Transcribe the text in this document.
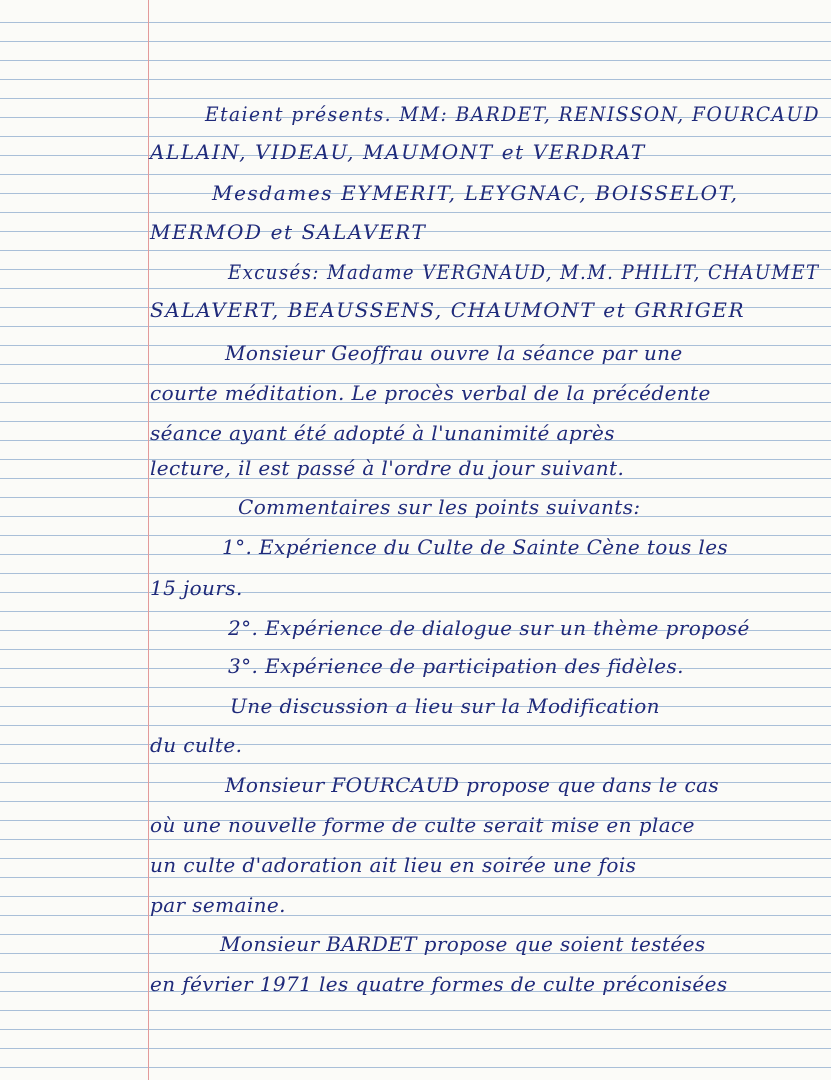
Etaient présents. MM: BARDET, RENISSON, FOURCAUD
ALLAIN, VIDEAU, MAUMONT et VERDRAT
Mesdames EYMERIT, LEYGNAC, BOISSELOT,
MERMOD et SALAVERT
Excusés: Madame VERGNAUD, M.M. PHILIT, CHAUMET
SALAVERT, BEAUSSENS, CHAUMONT et GRRIGER
Monsieur Geoffrau ouvre la séance par une
courte méditation. Le procès verbal de la précédente
séance ayant été adopté à l'unanimité après
lecture, il est passé à l'ordre du jour suivant.
Commentaires sur les points suivants:
1°. Expérience du Culte de Sainte Cène tous les
15 jours.
2°. Expérience de dialogue sur un thème proposé
3°. Expérience de participation des fidèles.
Une discussion a lieu sur la Modification
du culte.
Monsieur FOURCAUD propose que dans le cas
où une nouvelle forme de culte serait mise en place
un culte d'adoration ait lieu en soirée une fois
par semaine.
Monsieur BARDET propose que soient testées
en février 1971 les quatre formes de culte préconisées
